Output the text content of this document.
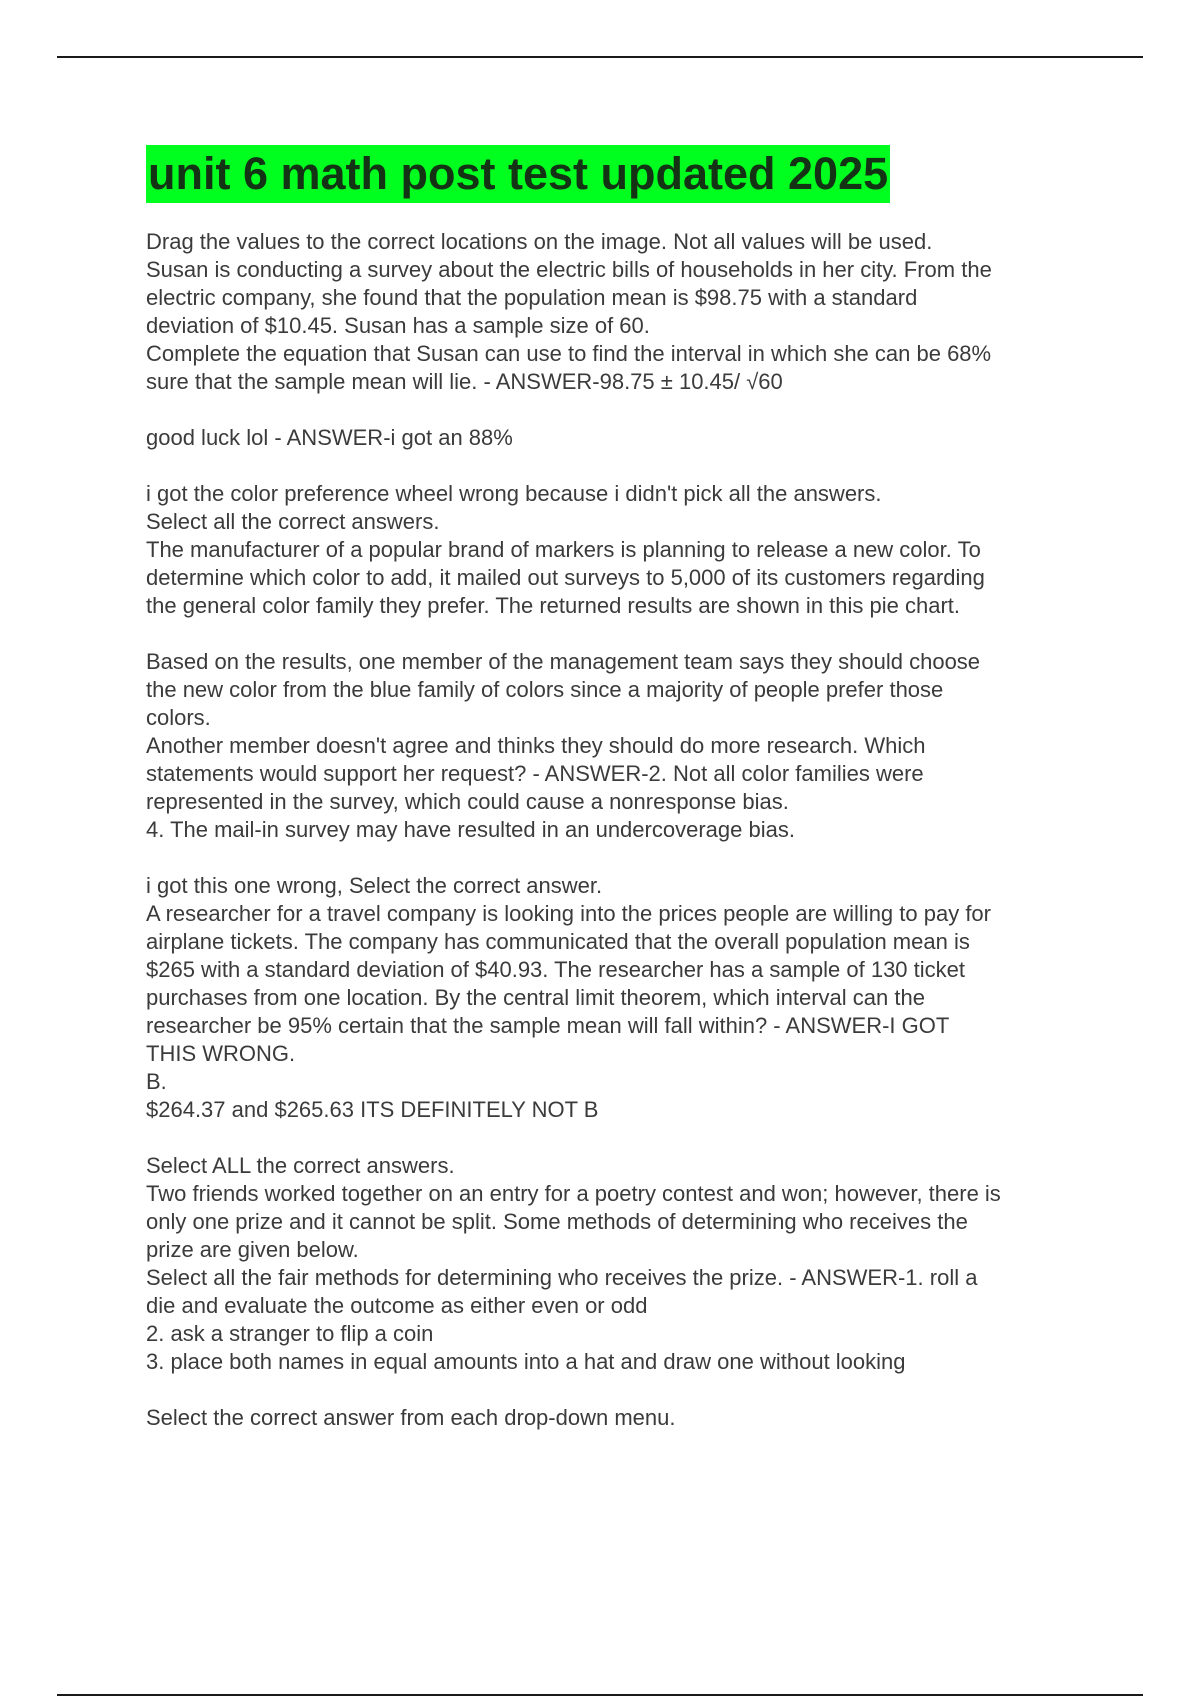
unit 6 math post test updated 2025
Drag the values to the correct locations on the image. Not all values will be used.
Susan is conducting a survey about the electric bills of households in her city. From the
electric company, she found that the population mean is $98.75 with a standard
deviation of $10.45. Susan has a sample size of 60.
Complete the equation that Susan can use to find the interval in which she can be 68%
sure that the sample mean will lie. - ANSWER-98.75 ± 10.45/ √60
good luck lol - ANSWER-i got an 88%
i got the color preference wheel wrong because i didn't pick all the answers.
Select all the correct answers.
The manufacturer of a popular brand of markers is planning to release a new color. To
determine which color to add, it mailed out surveys to 5,000 of its customers regarding
the general color family they prefer. The returned results are shown in this pie chart.
Based on the results, one member of the management team says they should choose
the new color from the blue family of colors since a majority of people prefer those
colors.
Another member doesn't agree and thinks they should do more research. Which
statements would support her request? - ANSWER-2. Not all color families were
represented in the survey, which could cause a nonresponse bias.
4. The mail-in survey may have resulted in an undercoverage bias.
i got this one wrong, Select the correct answer.
A researcher for a travel company is looking into the prices people are willing to pay for
airplane tickets. The company has communicated that the overall population mean is
$265 with a standard deviation of $40.93. The researcher has a sample of 130 ticket
purchases from one location. By the central limit theorem, which interval can the
researcher be 95% certain that the sample mean will fall within? - ANSWER-I GOT
THIS WRONG.
B.
$264.37 and $265.63 ITS DEFINITELY NOT B
Select ALL the correct answers.
Two friends worked together on an entry for a poetry contest and won; however, there is
only one prize and it cannot be split. Some methods of determining who receives the
prize are given below.
Select all the fair methods for determining who receives the prize. - ANSWER-1. roll a
die and evaluate the outcome as either even or odd
2. ask a stranger to flip a coin
3. place both names in equal amounts into a hat and draw one without looking
Select the correct answer from each drop-down menu.
